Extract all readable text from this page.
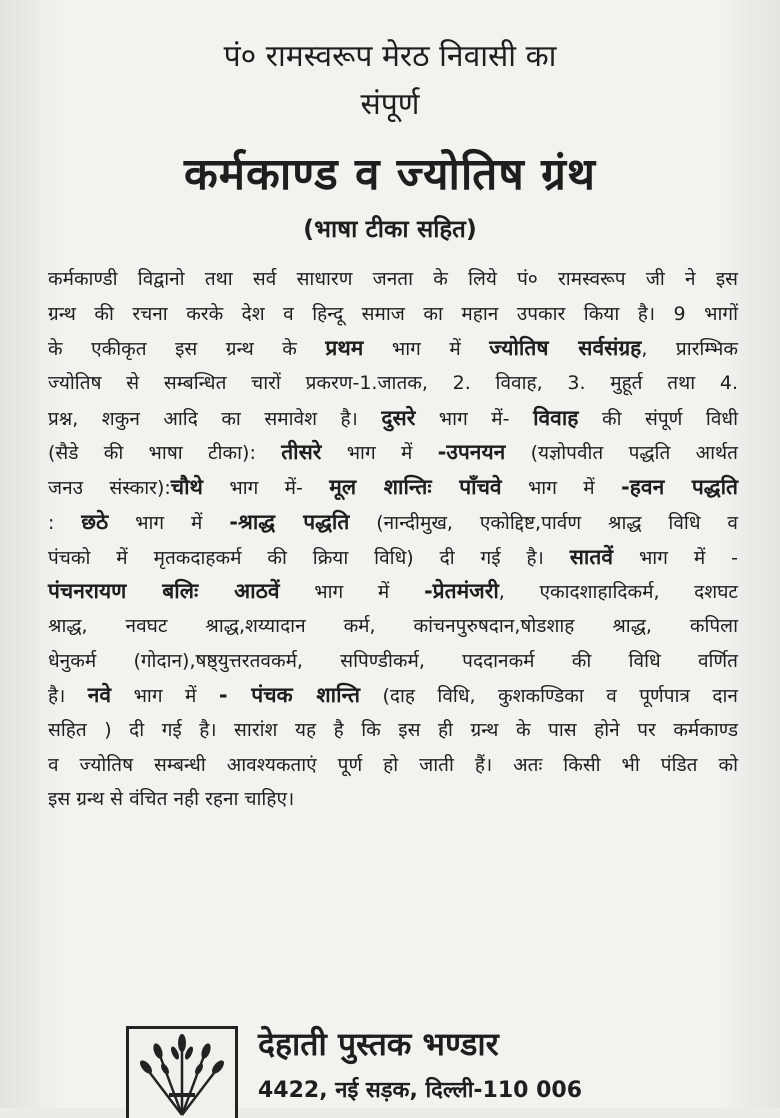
पं० रामस्वरूप मेरठ निवासी का
संपूर्ण
कर्मकाण्ड व ज्योतिष ग्रंथ
(भाषा टीका सहित)
कर्मकाण्डी विद्वानो तथा सर्व साधारण जनता के लिये पं० रामस्वरूप जी ने इस
ग्रन्थ की रचना करके देश व हिन्दू समाज का महान उपकार किया है। 9 भागों
के एकीकृत इस ग्रन्थ के प्रथम भाग में ज्योतिष सर्वसंग्रह, प्रारम्भिक
ज्योतिष से सम्बन्धित चारों प्रकरण-1.जातक, 2. विवाह, 3. मुहूर्त तथा 4.
प्रश्न, शकुन आदि का समावेश है। दुसरे भाग में- विवाह की संपूर्ण विधी
(सैडे की भाषा टीका): तीसरे भाग में -उपनयन (यज्ञोपवीत पद्धति आर्थत
जनउ संस्कार):चौथे भाग में- मूल शान्तिः पाँचवे भाग में -हवन पद्धति
: छठे भाग में -श्राद्ध पद्धति (नान्दीमुख, एकोद्दिष्ट,पार्वण श्राद्ध विधि व
पंचको में मृतकदाहकर्म की क्रिया विधि) दी गई है। सातवें भाग में -
पंचनरायण बलिः आठवें भाग में -प्रेतमंजरी, एकादशाहादिकर्म, दशघट
श्राद्ध, नवघट श्राद्ध,शय्यादान कर्म, कांचनपुरुषदान,षोडशाह श्राद्ध, कपिला
धेनुकर्म (गोदान),षष्ठ्युत्तरतवकर्म, सपिण्डीकर्म, पददानकर्म की विधि वर्णित
है। नवे भाग में - पंचक शान्ति (दाह विधि, कुशकण्डिका व पूर्णपात्र दान
सहित ) दी गई है। सारांश यह है कि इस ही ग्रन्थ के पास होने पर कर्मकाण्ड
व ज्योतिष सम्बन्धी आवश्यकताएं पूर्ण हो जाती हैं। अतः किसी भी पंडित को
इस ग्रन्थ से वंचित नही रहना चाहिए।
देहाती पुस्तक भण्डार
4422, नई सड़क, दिल्ली-110 006
